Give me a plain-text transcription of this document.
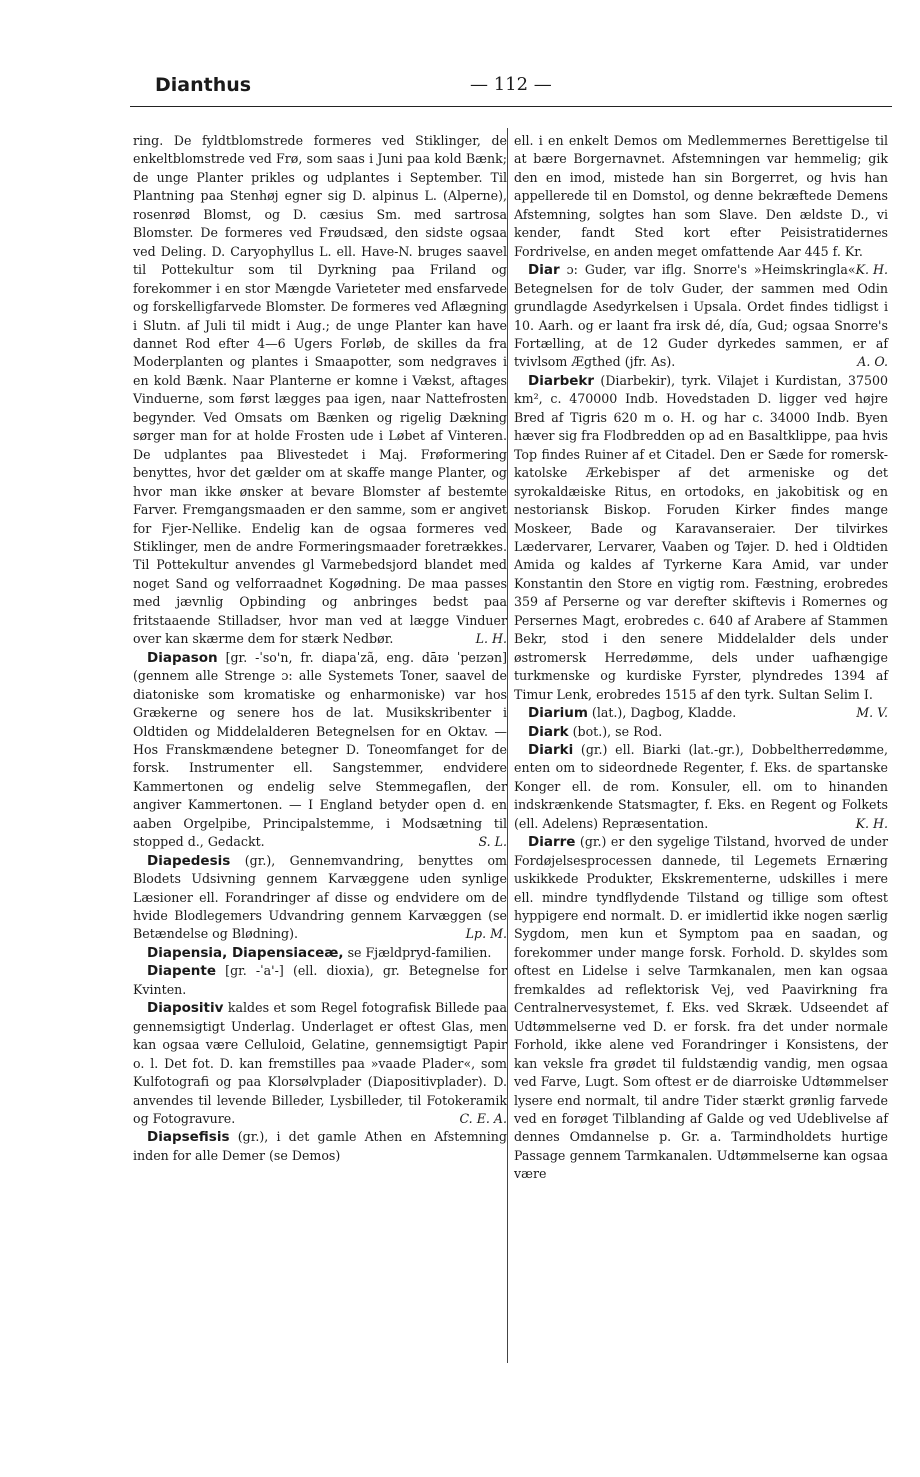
Dianthus	— 112 —

ring. De fyldtblomstrede formeres ved Stiklinger, de enkeltblomstrede ved Frø, som saas i Juni paa kold Bænk; de unge Planter prikles og udplantes i September. Til Plantning paa Stenhøj egner sig D. alpinus L. (Alperne), rosenrød Blomst, og D. cæsius Sm. med sartrosa Blomster. De formeres ved Frøudsæd, den sidste ogsaa ved Deling. D. Caryophyllus L. ell. Have-N. bruges saavel til Pottekultur som til Dyrkning paa Friland og forekommer i en stor Mængde Varieteter med ensfarvede og forskelligfarvede Blomster. De formeres ved Aflægning i Slutn. af Juli til midt i Aug.; de unge Planter kan have dannet Rod efter 4—6 Ugers Forløb, de skilles da fra Moderplanten og plantes i Smaapotter, som nedgraves i en kold Bænk. Naar Planterne er komne i Vækst, aftages Vinduerne, som først lægges paa igen, naar Nattefrosten begynder. Ved Omsats om Bænken og rigelig Dækning sørger man for at holde Frosten ude i Løbet af Vinteren. De udplantes paa Blivestedet i Maj. Frøformering benyttes, hvor det gælder om at skaffe mange Planter, og hvor man ikke ønsker at bevare Blomster af bestemte Farver. Fremgangsmaaden er den samme, som er angivet for Fjer-Nellike. Endelig kan de ogsaa formeres ved Stiklinger, men de andre Formeringsmaader foretrækkes. Til Pottekultur anvendes gl Varmebedsjord blandet med noget Sand og velforraadnet Kogødning. De maa passes med jævnlig Opbinding og anbringes bedst paa fritstaaende Stilladser, hvor man ved at lægge Vinduer over kan skærme dem for stærk Nedbør.	L. H.

Diapason [gr. -ˈso'n, fr. diapaˈzã, eng. dāɪə ˈpeɪzən] (gennem alle Strenge ɔ: alle Systemets Toner, saavel de diatoniske som kromatiske og enharmoniske) var hos Grækerne og senere hos de lat. Musikskribenter i Oldtiden og Middelalderen Betegnelsen for en Oktav. — Hos Franskmændene betegner D. Toneomfanget for de forsk. Instrumenter ell. Sangstemmer, endvidere Kammertonen og endelig selve Stemmegaflen, der angiver Kammertonen. — I England betyder open d. en aaben Orgelpibe, Principalstemme, i Modsætning til stopped d., Gedackt.	S. L.

Diapedesis (gr.), Gennemvandring, benyttes om Blodets Udsivning gennem Karvæggene uden synlige Læsioner ell. Forandringer af disse og endvidere om de hvide Blodlegemers Udvandring gennem Karvæggen (se Betændelse og Blødning).	Lp. M.

Diapensia, Diapensiaceæ, se Fjældpryd-familien.

Diapente [gr. -ˈa'-] (ell. dioxia), gr. Betegnelse for Kvinten.

Diapositiv kaldes et som Regel fotografisk Billede paa gennemsigtigt Underlag. Underlaget er oftest Glas, men kan ogsaa være Celluloid, Gelatine, gennemsigtigt Papir o. l. Det fot. D. kan fremstilles paa »vaade Plader«, som Kulfotografi og paa Klorsølvplader (Diapositivplader). D. anvendes til levende Billeder, Lysbilleder, til Fotokeramik og Fotogravure.	C. E. A.

Diapsefisis (gr.), i det gamle Athen en Afstemning inden for alle Demer (se Demos)

ell. i en enkelt Demos om Medlemmernes Berettigelse til at bære Borgernavnet. Afstemningen var hemmelig; gik den en imod, mistede han sin Borgerret, og hvis han appellerede til en Domstol, og denne bekræftede Demens Afstemning, solgtes han som Slave. Den ældste D., vi kender, fandt Sted kort efter Peisistratidernes Fordrivelse, en anden meget omfattende Aar 445 f. Kr.
K. H.

Diar ɔ: Guder, var iflg. Snorre's »Heimskringla« Betegnelsen for de tolv Guder, der sammen med Odin grundlagde Asedyrkelsen i Upsala. Ordet findes tidligst i 10. Aarh. og er laant fra irsk dé, día, Gud; ogsaa Snorre's Fortælling, at de 12 Guder dyrkedes sammen, er af tvivlsom Ægthed (jfr. As).	A. O.

Diarbekr (Diarbekir), tyrk. Vilajet i Kurdistan, 37500 km², c. 470000 Indb. Hovedstaden D. ligger ved højre Bred af Tigris 620 m o. H. og har c. 34000 Indb. Byen hæver sig fra Flodbredden op ad en Basaltklippe, paa hvis Top findes Ruiner af et Citadel. Den er Sæde for romersk-katolske Ærkebisper af det armeniske og det syrokaldæiske Ritus, en ortodoks, en jakobitisk og en nestoriansk Biskop. Foruden Kirker findes mange Moskeer, Bade og Karavanseraier. Der tilvirkes Lædervarer, Lervarer, Vaaben og Tøjer. D. hed i Oldtiden Amida og kaldes af Tyrkerne Kara Amid, var under Konstantin den Store en vigtig rom. Fæstning, erobredes 359 af Perserne og var derefter skiftevis i Romernes og Persernes Magt, erobredes c. 640 af Arabere af Stammen Bekr, stod i den senere Middelalder dels under østromersk Herredømme, dels under uafhængige turkmenske og kurdiske Fyrster, plyndredes 1394 af Timur Lenk, erobredes 1515 af den tyrk. Sultan Selim I.
M. V.

Diarium (lat.), Dagbog, Kladde.

Diark (bot.), se Rod.

Diarki (gr.) ell. Biarki (lat.-gr.), Dobbeltherredømme, enten om to sideordnede Regenter, f. Eks. de spartanske Konger ell. de rom. Konsuler, ell. om to hinanden indskrænkende Statsmagter, f. Eks. en Regent og Folkets (ell. Adelens) Repræsentation.	K. H.

Diarre (gr.) er den sygelige Tilstand, hvorved de under Fordøjelsesprocessen dannede, til Legemets Ernæring uskikkede Produkter, Ekskrementerne, udskilles i mere ell. mindre tyndflydende Tilstand og tillige som oftest hyppigere end normalt. D. er imidlertid ikke nogen særlig Sygdom, men kun et Symptom paa en saadan, og forekommer under mange forsk. Forhold. D. skyldes som oftest en Lidelse i selve Tarmkanalen, men kan ogsaa fremkaldes ad reflektorisk Vej, ved Paavirkning fra Centralnervesystemet, f. Eks. ved Skræk. Udseendet af Udtømmelserne ved D. er forsk. fra det under normale Forhold, ikke alene ved Forandringer i Konsistens, der kan veksle fra grødet til fuldstændig vandig, men ogsaa ved Farve, Lugt. Som oftest er de diarroiske Udtømmelser lysere end normalt, til andre Tider stærkt grønlig farvede ved en forøget Tilblanding af Galde og ved Udeblivelse af dennes Omdannelse p. Gr. a. Tarmindholdets hurtige Passage gennem Tarmkanalen. Udtømmelserne kan ogsaa være
